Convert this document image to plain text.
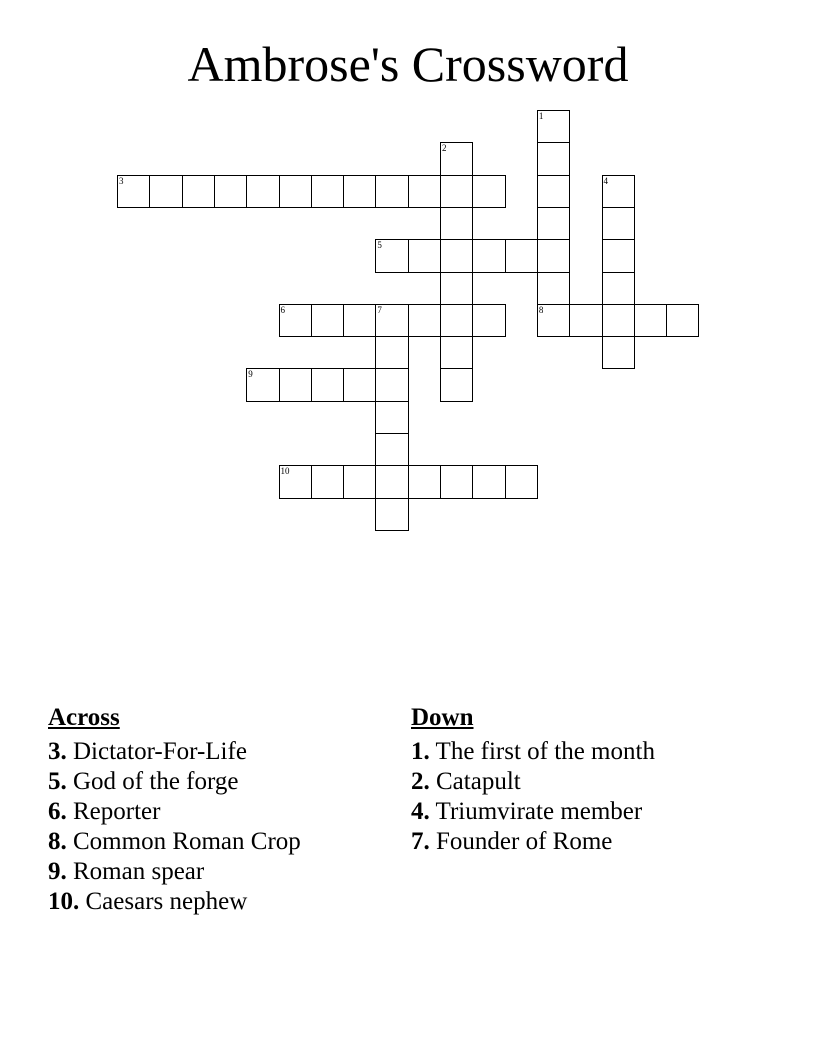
Ambrose's Crossword
1
2
3	4
5
6	7	8
9
10
Across
3. Dictator-For-Life
5. God of the forge
6. Reporter
8. Common Roman Crop
9. Roman spear
10. Caesars nephew
Down
1. The first of the month
2. Catapult
4. Triumvirate member
7. Founder of Rome
